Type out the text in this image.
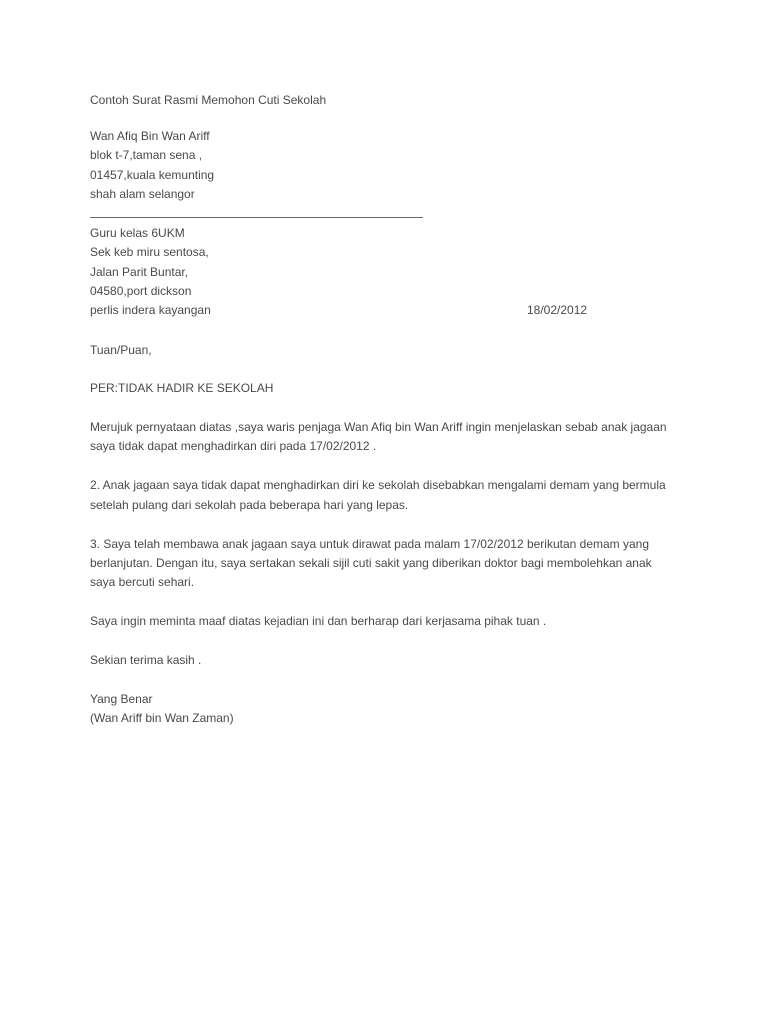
Contoh Surat Rasmi Memohon Cuti Sekolah
Wan Afiq Bin Wan Ariff
blok t-7,taman sena ,
01457,kuala kemunting
shah alam selangor
Guru kelas 6UKM
Sek keb miru sentosa,
Jalan Parit Buntar,
04580,port dickson
perlis indera kayangan	18/02/2012
Tuan/Puan,
PER:TIDAK HADIR KE SEKOLAH
Merujuk pernyataan diatas ,saya waris penjaga Wan Afiq bin Wan Ariff ingin menjelaskan sebab anak jagaan
saya tidak dapat menghadirkan diri pada 17/02/2012 .
2. Anak jagaan saya tidak dapat menghadirkan diri ke sekolah disebabkan mengalami demam yang bermula
setelah pulang dari sekolah pada beberapa hari yang lepas.
3. Saya telah membawa anak jagaan saya untuk dirawat pada malam 17/02/2012 berikutan demam yang
berlanjutan. Dengan itu, saya sertakan sekali sijil cuti sakit yang diberikan doktor bagi membolehkan anak
saya bercuti sehari.
Saya ingin meminta maaf diatas kejadian ini dan berharap dari kerjasama pihak tuan .
Sekian terima kasih .
Yang Benar
(Wan Ariff bin Wan Zaman)
